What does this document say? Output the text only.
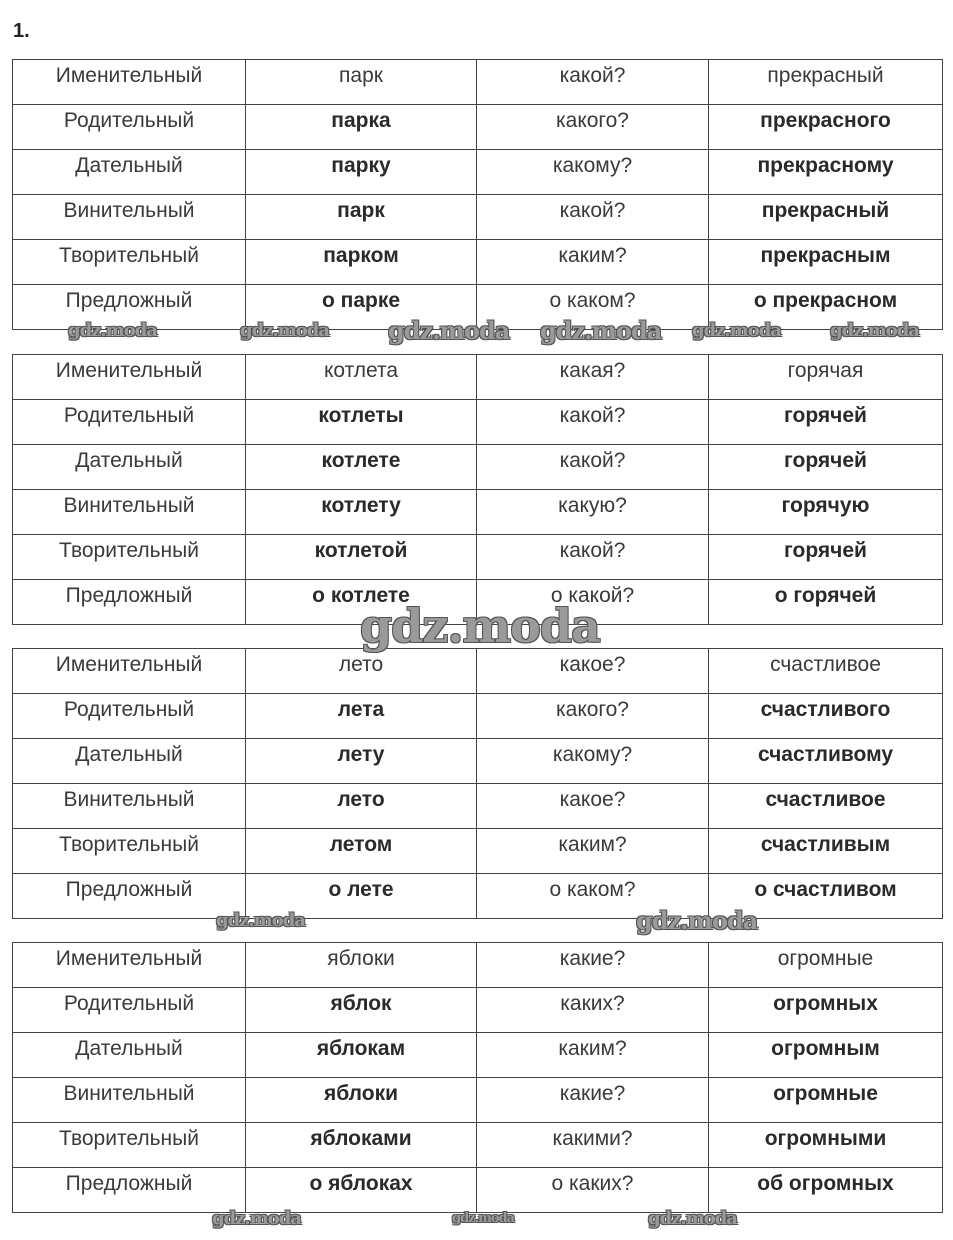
1.
Именительный	парк	какой?	прекрасный
Родительный	парка	какого?	прекрасного
Дательный	парку	какому?	прекрасному
Винительный	парк	какой?	прекрасный
Творительный	парком	каким?	прекрасным
Предложный	о парке	о каком?	о прекрасном
Именительный	котлета	какая?	горячая
Родительный	котлеты	какой?	горячей
Дательный	котлете	какой?	горячей
Винительный	котлету	какую?	горячую
Творительный	котлетой	какой?	горячей
Предложный	о котлете	о какой?	о горячей
Именительный	лето	какое?	счастливое
Родительный	лета	какого?	счастливого
Дательный	лету	какому?	счастливому
Винительный	лето	какое?	счастливое
Творительный	летом	каким?	счастливым
Предложный	о лете	о каком?	о счастливом
Именительный	яблоки	какие?	огромные
Родительный	яблок	каких?	огромных
Дательный	яблокам	каким?	огромным
Винительный	яблоки	какие?	огромные
Творительный	яблоками	какими?	огромными
Предложный	о яблоках	о каких?	об огромных
gdz.moda	gdz.moda	gdz.moda
gdz.moda	gdz.moda	gdz.moda
gdz.moda
gdz.moda	gdz.moda
gdz.moda	gdz.moda	gdz.moda
